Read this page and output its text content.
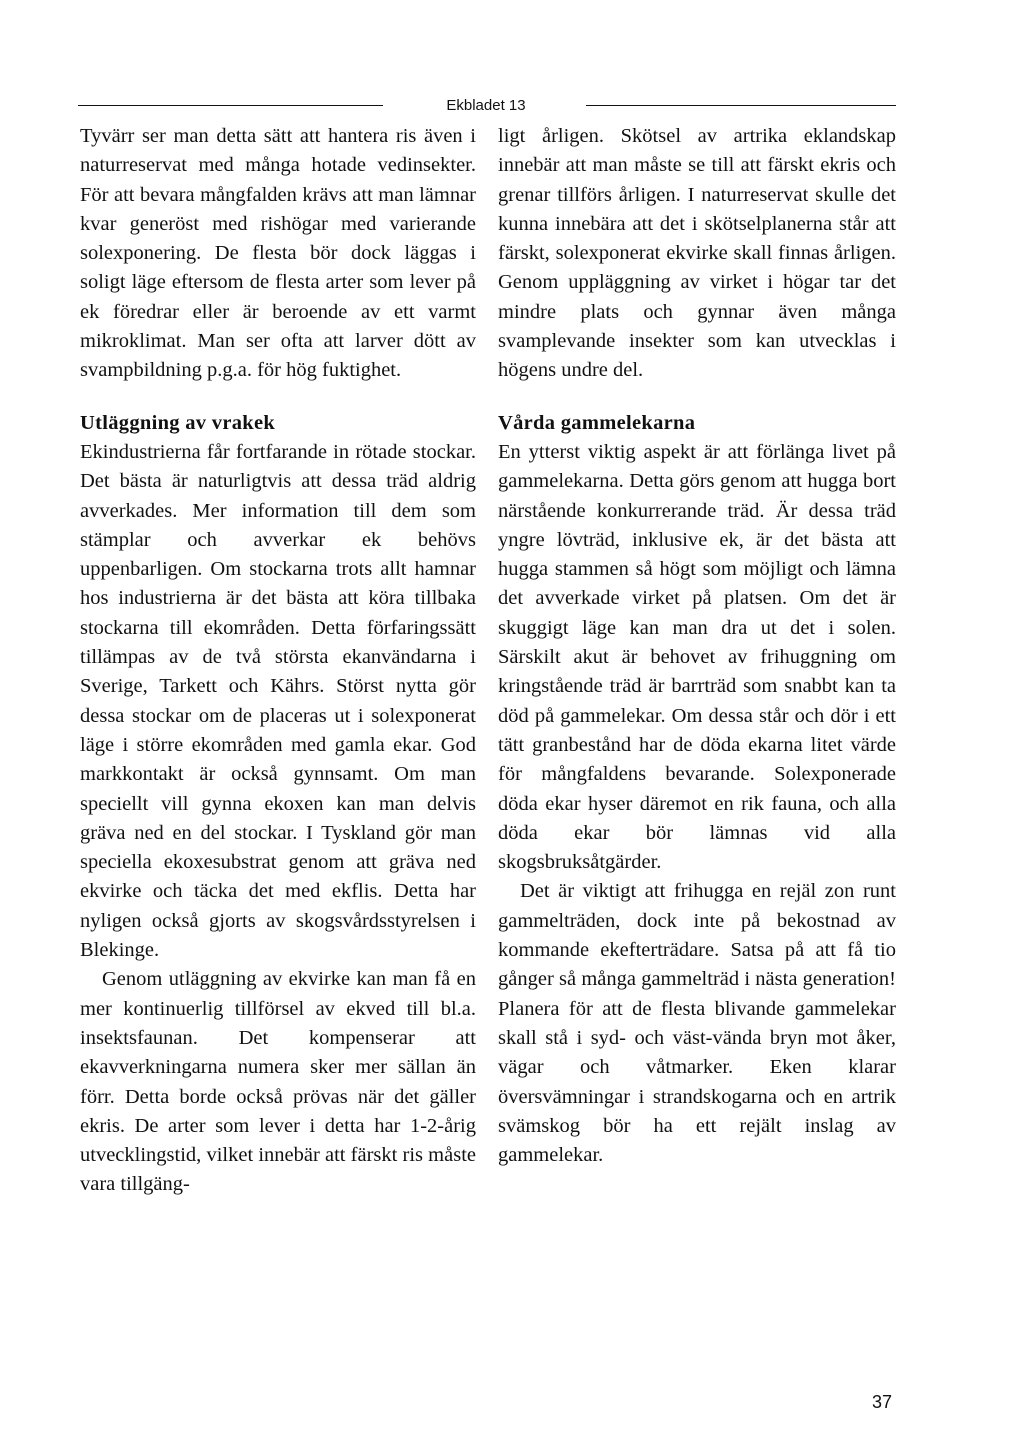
Ekbladet 13

Tyvärr ser man detta sätt att hantera ris även i naturreservat med många hotade vedinsekter. För att bevara mångfalden krävs att man lämnar kvar generöst med rishögar med varierande solexponering. De flesta bör dock läggas i soligt läge eftersom de flesta arter som lever på ek föredrar eller är beroende av ett varmt mikroklimat. Man ser ofta att larver dött av svampbildning p.g.a. för hög fuktighet.

Utläggning av vrakek

Ekindustrierna får fortfarande in rötade stockar. Det bästa är naturligtvis att dessa träd aldrig avverkades. Mer information till dem som stämplar och avverkar ek behövs uppenbarligen. Om stockarna trots allt hamnar hos industrierna är det bästa att köra tillbaka stockarna till ekområden. Detta förfaringssätt tillämpas av de två största ekanvändarna i Sverige, Tarkett och Kährs. Störst nytta gör dessa stockar om de placeras ut i solexponerat läge i större ekområden med gamla ekar. God markkontakt är också gynnsamt. Om man speciellt vill gynna ekoxen kan man delvis gräva ned en del stockar. I Tyskland gör man speciella ekoxesubstrat genom att gräva ned ekvirke och täcka det med ekflis. Detta har nyligen också gjorts av skogsvårdsstyrelsen i Blekinge.

Genom utläggning av ekvirke kan man få en mer kontinuerlig tillförsel av ekved till bl.a. insektsfaunan. Det kompenserar att ekavverkningarna numera sker mer sällan än förr. Detta borde också prövas när det gäller ekris. De arter som lever i detta har 1-2-årig utvecklingstid, vilket innebär att färskt ris måste vara tillgäng-

ligt årligen. Skötsel av artrika eklandskap innebär att man måste se till att färskt ekris och grenar tillförs årligen. I naturreservat skulle det kunna innebära att det i skötselplanerna står att färskt, solexponerat ekvirke skall finnas årligen. Genom uppläggning av virket i högar tar det mindre plats och gynnar även många svamplevande insekter som kan utvecklas i högens undre del.

Vårda gammelekarna

En ytterst viktig aspekt är att förlänga livet på gammelekarna. Detta görs genom att hugga bort närstående konkurrerande träd. Är dessa träd yngre lövträd, inklusive ek, är det bästa att hugga stammen så högt som möjligt och lämna det avverkade virket på platsen. Om det är skuggigt läge kan man dra ut det i solen. Särskilt akut är behovet av frihuggning om kringstående träd är barrträd som snabbt kan ta död på gammelekar. Om dessa står och dör i ett tätt granbestånd har de döda ekarna litet värde för mångfaldens bevarande. Solexponerade döda ekar hyser däremot en rik fauna, och alla döda ekar bör lämnas vid alla skogsbruksåtgärder.

Det är viktigt att frihugga en rejäl zon runt gammelträden, dock inte på bekostnad av kommande ekefterträdare. Satsa på att få tio gånger så många gammelträd i nästa generation! Planera för att de flesta blivande gammelekar skall stå i syd- och väst-vända bryn mot åker, vägar och våtmarker. Eken klarar översvämningar i strandskogarna och en artrik svämskog bör ha ett rejält inslag av gammelekar.

37
